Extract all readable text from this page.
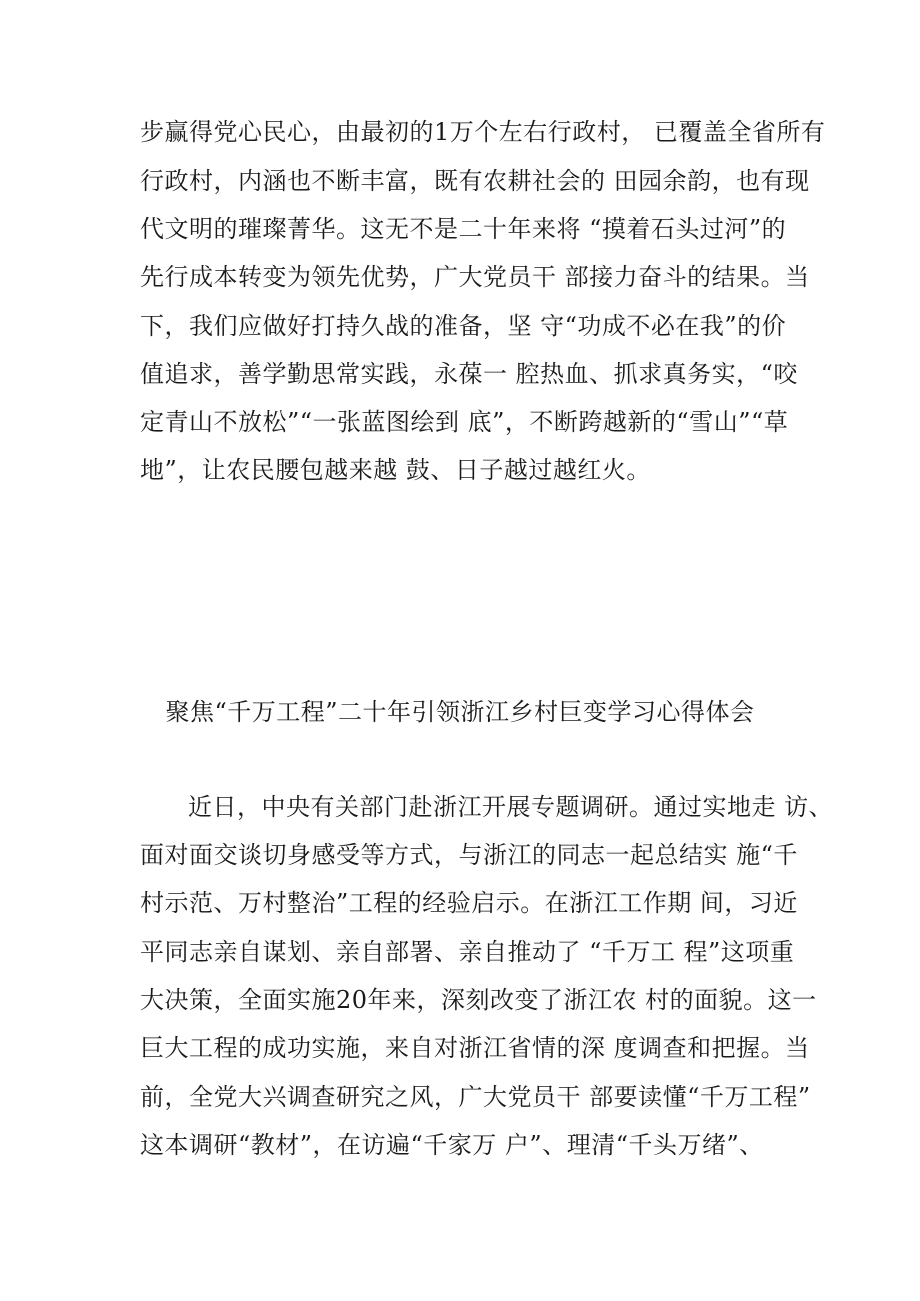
步赢得党心民心，由最初的1万个左右行政村， 已覆盖全省所有
行政村，内涵也不断丰富，既有农耕社会的 田园余韵，也有现
代文明的璀璨菁华。这无不是二十年来将 “摸着石头过河”的
先行成本转变为领先优势，广大党员干 部接力奋斗的结果。当
下，我们应做好打持久战的准备，坚 守“功成不必在我”的价
值追求，善学勤思常实践，永葆一 腔热血、抓求真务实，“咬
定青山不放松”“一张蓝图绘到 底”，不断跨越新的“雪山”“草
地”，让农民腰包越来越 鼓、日子越过越红火。
聚焦“千万工程”二十年引领浙江乡村巨变学习心得体会
近日，中央有关部门赴浙江开展专题调研。通过实地走 访、
面对面交谈切身感受等方式，与浙江的同志一起总结实 施“千
村示范、万村整治”工程的经验启示。在浙江工作期 间，习近
平同志亲自谋划、亲自部署、亲自推动了 “千万工 程”这项重
大决策，全面实施20年来，深刻改变了浙江农 村的面貌。这一
巨大工程的成功实施，来自对浙江省情的深 度调查和把握。当
前，全党大兴调查研究之风，广大党员干 部要读懂“千万工程”
这本调研“教材”，在访遍“千家万 户”、理清“千头万绪”、
